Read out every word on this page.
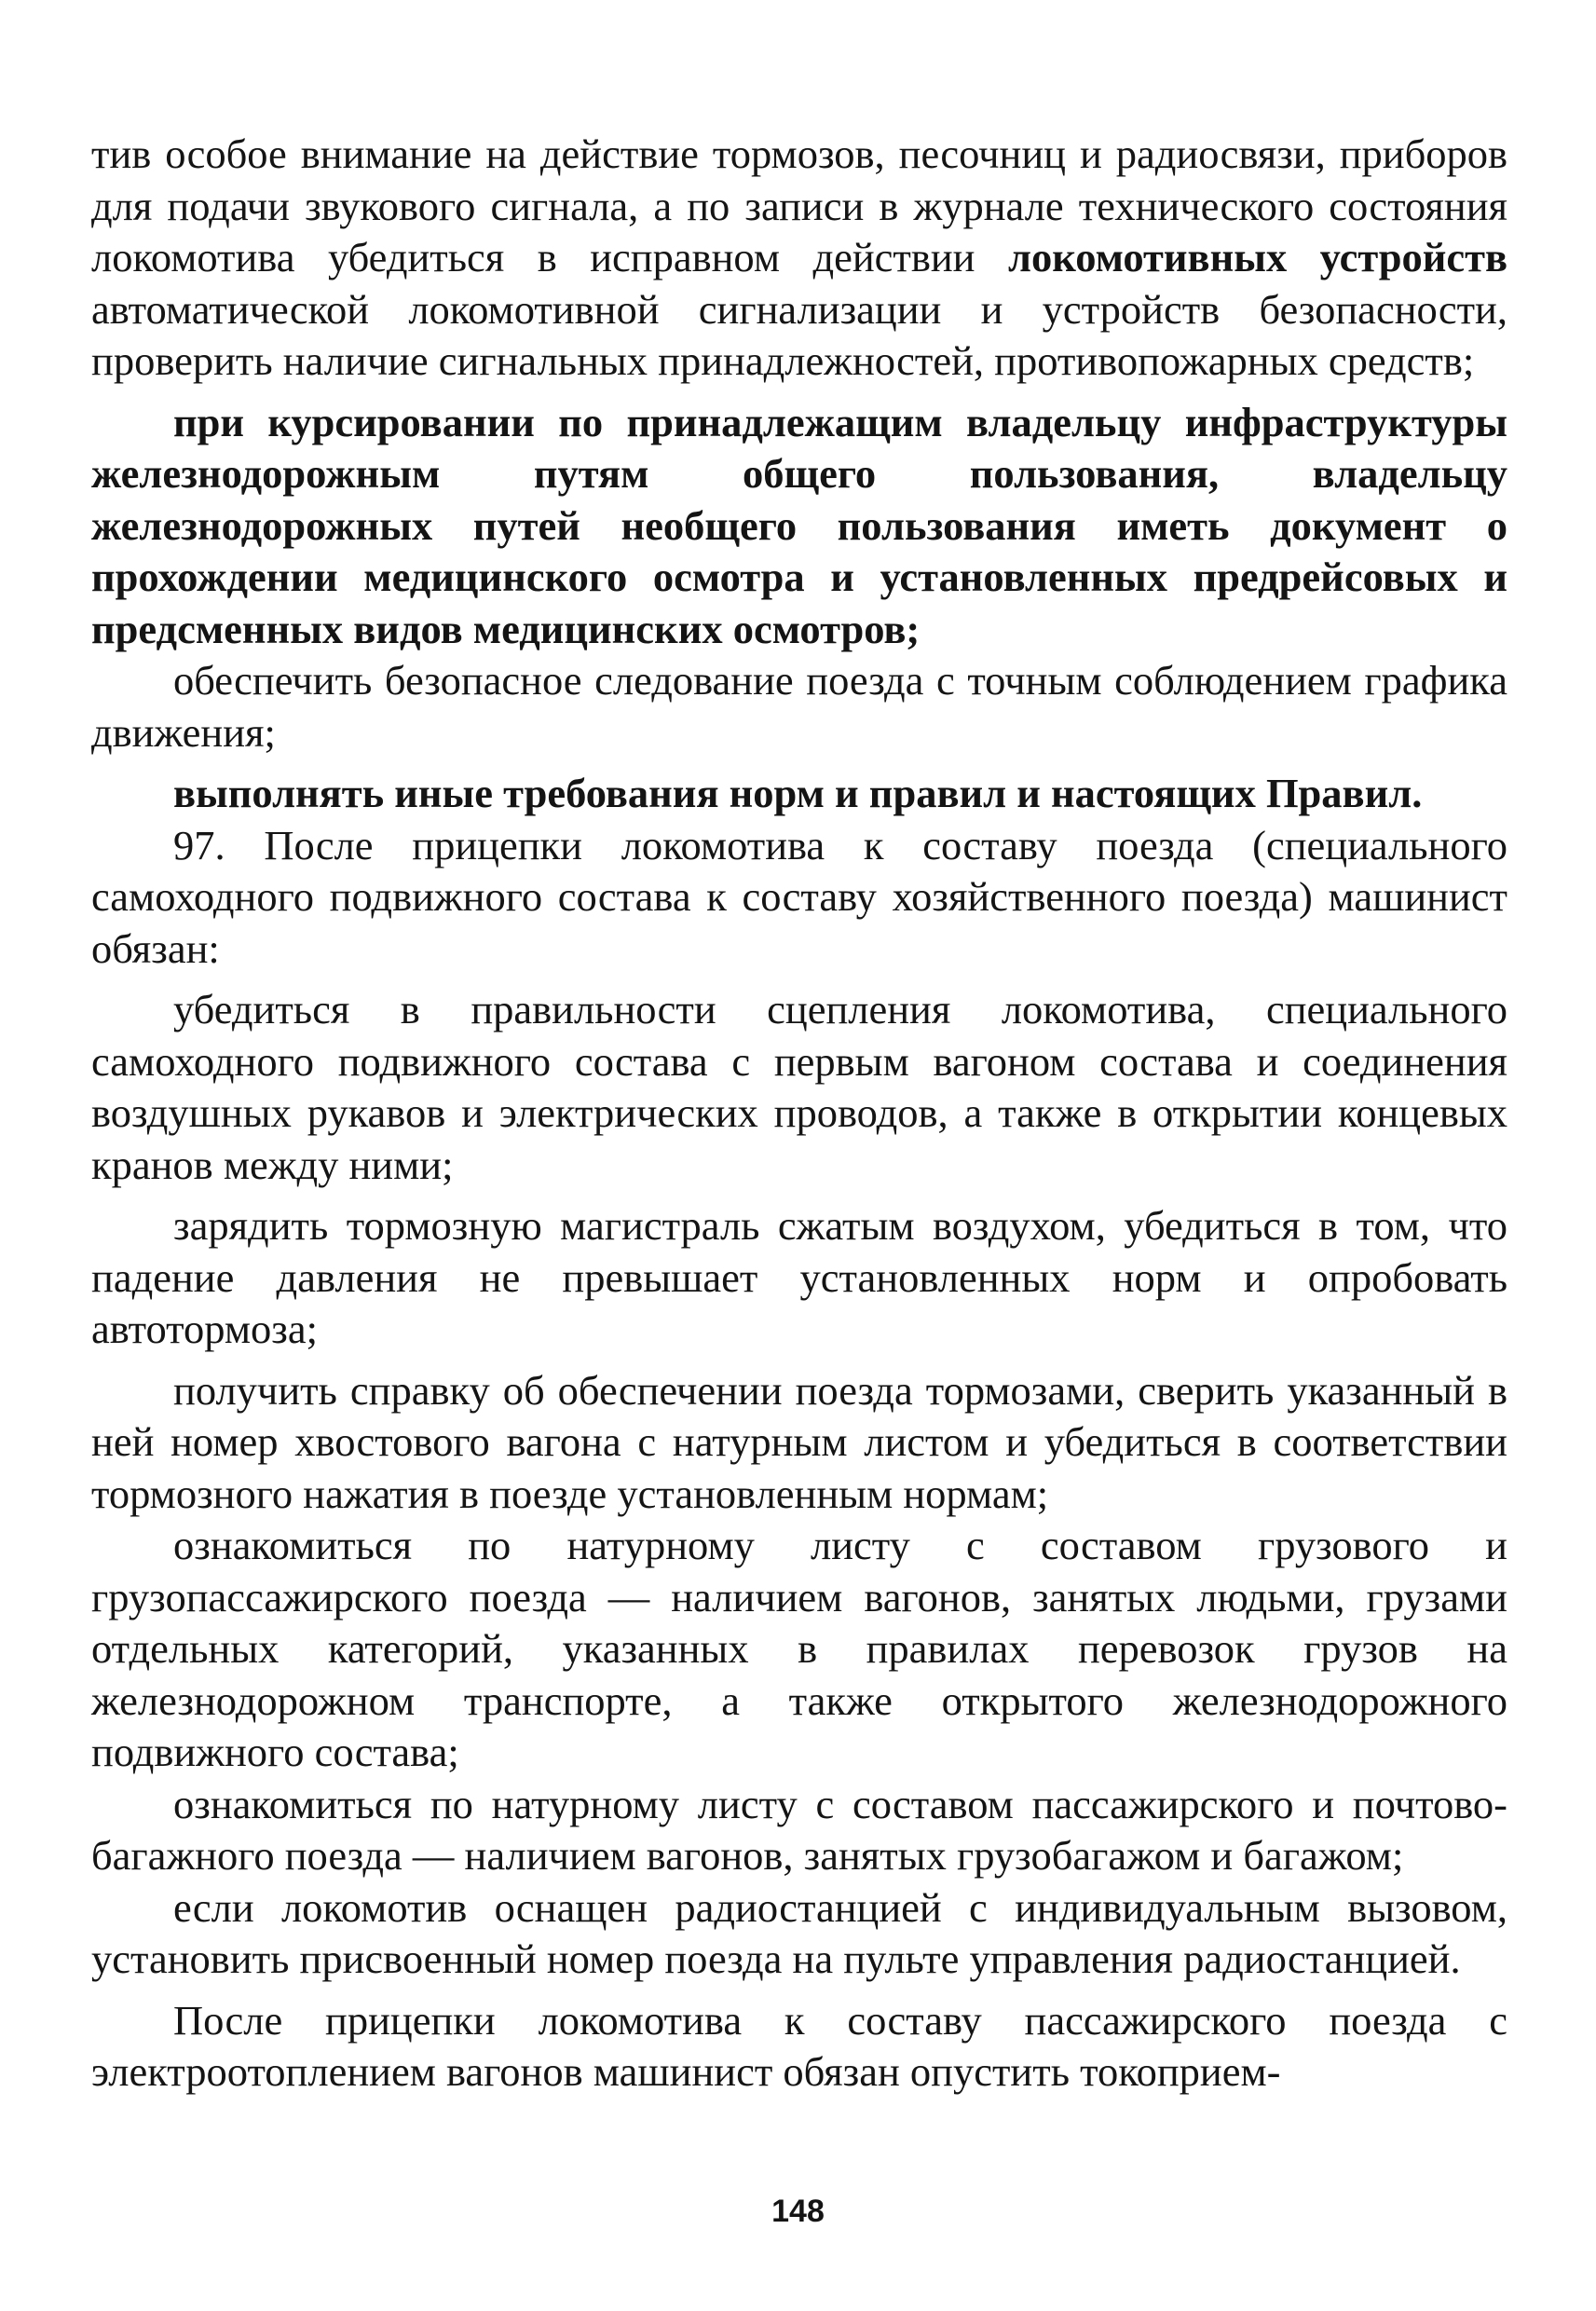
тив особое внимание на действие тормозов, песочниц и радиосвязи, приборов для подачи звукового сигнала, а по записи в журнале технического состояния локомотива убедиться в исправном действии локомотивных устройств автоматической локомотивной сигнализации и устройств безопасности, проверить наличие сигнальных принадлежностей, противопожарных средств;

при курсировании по принадлежащим владельцу инфраструктуры железнодорожным путям общего пользования, владельцу железнодорожных путей необщего пользования иметь документ о прохождении медицинского осмотра и установленных предрейсовых и предсменных видов медицинских осмотров;

обеспечить безопасное следование поезда с точным соблюдением графика движения;

выполнять иные требования норм и правил и настоящих Правил.

97. После прицепки локомотива к составу поезда (специального самоходного подвижного состава к составу хозяйственного поезда) машинист обязан:

убедиться в правильности сцепления локомотива, специального самоходного подвижного состава с первым вагоном состава и соединения воздушных рукавов и электрических проводов, а также в открытии концевых кранов между ними;

зарядить тормозную магистраль сжатым воздухом, убедиться в том, что падение давления не превышает установленных норм и опробовать автотормоза;

получить справку об обеспечении поезда тормозами, сверить указанный в ней номер хвостового вагона с натурным листом и убедиться в соответствии тормозного нажатия в поезде установленным нормам;

ознакомиться по натурному листу с составом грузового и грузопассажирского поезда — наличием вагонов, занятых людьми, грузами отдельных категорий, указанных в правилах перевозок грузов на железнодорожном транспорте, а также открытого железнодорожного подвижного состава;

ознакомиться по натурному листу с составом пассажирского и почтово-багажного поезда — наличием вагонов, занятых грузобагажом и багажом;

если локомотив оснащен радиостанцией с индивидуальным вызовом, установить присвоенный номер поезда на пульте управления радиостанцией.

После прицепки локомотива к составу пассажирского поезда с электроотоплением вагонов машинист обязан опустить токоприем-

148
